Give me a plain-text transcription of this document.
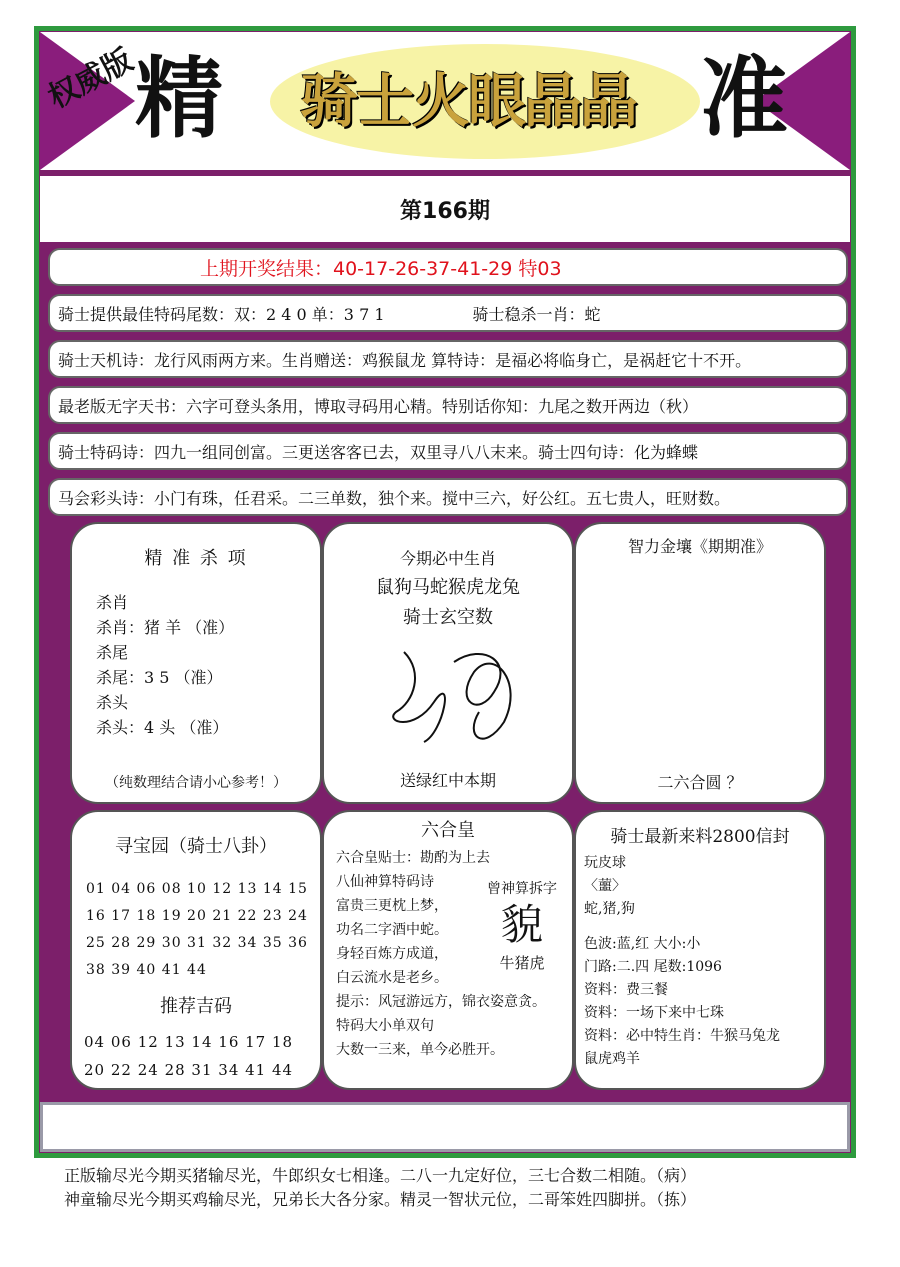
权威版
精 骑士火眼晶晶 准
第166期
上期开奖结果：40-17-26-37-41-29 特03
骑士提供最佳特码尾数：双：2 4 0 单：3 7 1	骑士稳杀一肖：蛇
骑士天机诗：龙行风雨两方来。生肖赠送：鸡猴鼠龙 算特诗：是福必将临身亡，是祸赶它十不开。
最老版无字天书：六字可登头条用，博取寻码用心精。特别话你知：九尾之数开两边（秋）
骑士特码诗：四九一组同创富。三更送客客已去，双里寻八八末来。骑士四句诗：化为蜂蝶
马会彩头诗：小门有珠，任君采。二三单数，独个来。搅中三六，好公红。五七贵人，旺财数。
精 准 杀 项

杀肖

杀肖：猪 羊 （准）

杀尾

杀尾：3 5 （准）

杀头

杀头：4 头 （准）

（纯数理结合请小心参考！）
今期必中生肖
鼠狗马蛇猴虎龙兔
骑士玄空数
送绿红中本期
智力金壤《期期准》
二六合圆 ？
寻宝园（骑士八卦）
01 04 06 08 10 12 13 14 15
16 17 18 19 20 21 22 23 24
25 28 29 30 31 32 34 35 36
38 39 40 41 44
推荐吉码
04 06 12 13 14 16 17 18
20 22 24 28 31 34 41 44
六合皇
六合皇贴士：勘酌为上去
八仙神算特码诗
富贵三更枕上梦，
功名二字酒中蛇。
身轻百炼方成道，
白云流水是老乡。
提示：风冠游远方，锦衣姿意贪。
特码大小单双句
大数一三来，单今必胜开。
曾神算拆字
貌
牛猪虎
骑士最新来料2800信封
玩皮球
〈蘁〉
蛇,猪,狗
色波:蓝,红 大小:小
门路:二.四 尾数:1096
资料：费三餐
资料：一场下来中七珠
资料：必中特生肖：牛猴马兔龙
鼠虎鸡羊
正版输尽光今期买猪输尽光，牛郎织女七相逢。二八一九定好位，三七合数二相随。（病）
神童输尽光今期买鸡输尽光，兄弟长大各分家。精灵一智状元位，二哥笨姓四脚拼。（拣）
